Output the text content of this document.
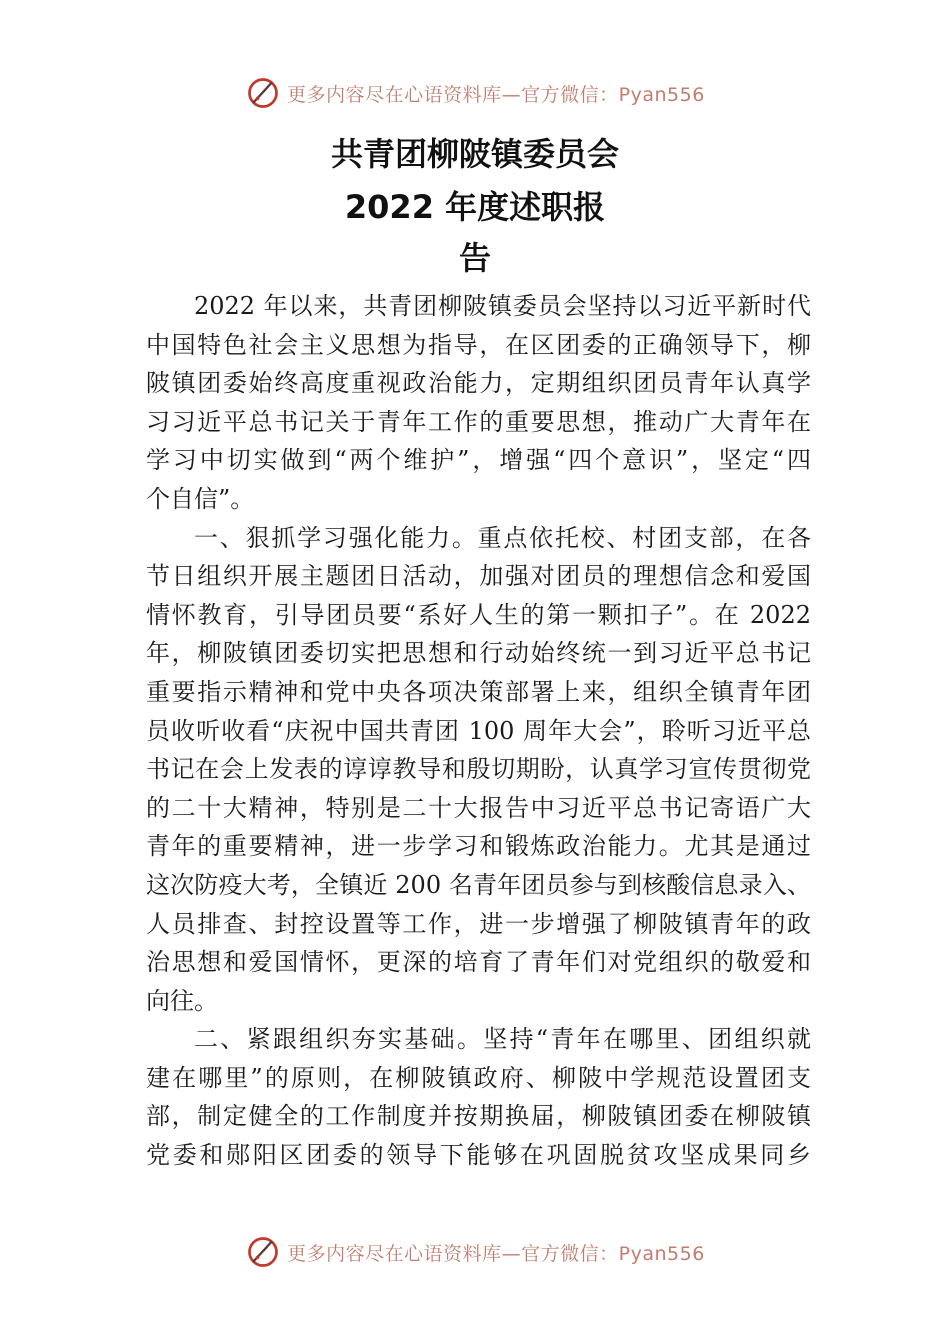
更多内容尽在心语资料库—官方微信：Pyan556
共青团柳陂镇委员会
2022 年度述职报
告
2022 年以来，共青团柳陂镇委员会坚持以习近平新时代
中国特色社会主义思想为指导，在区团委的正确领导下，柳
陂镇团委始终高度重视政治能力，定期组织团员青年认真学
习习近平总书记关于青年工作的重要思想，推动广大青年在
学习中切实做到“两个维护”，增强“四个意识”，坚定“四
个自信”。
一、狠抓学习强化能力。重点依托校、村团支部，在各
节日组织开展主题团日活动，加强对团员的理想信念和爱国
情怀教育，引导团员要“系好人生的第一颗扣子”。在 2022
年，柳陂镇团委切实把思想和行动始终统一到习近平总书记
重要指示精神和党中央各项决策部署上来，组织全镇青年团
员收听收看“庆祝中国共青团 100 周年大会”，聆听习近平总
书记在会上发表的谆谆教导和殷切期盼，认真学习宣传贯彻党
的二十大精神，特别是二十大报告中习近平总书记寄语广大
青年的重要精神，进一步学习和锻炼政治能力。尤其是通过
这次防疫大考，全镇近 200 名青年团员参与到核酸信息录入、
人员排查、封控设置等工作，进一步增强了柳陂镇青年的政
治思想和爱国情怀，更深的培育了青年们对党组织的敬爱和
向往。
二、紧跟组织夯实基础。坚持“青年在哪里、团组织就
建在哪里”的原则，在柳陂镇政府、柳陂中学规范设置团支
部，制定健全的工作制度并按期换届，柳陂镇团委在柳陂镇
党委和郧阳区团委的领导下能够在巩固脱贫攻坚成果同乡
更多内容尽在心语资料库—官方微信：Pyan556
